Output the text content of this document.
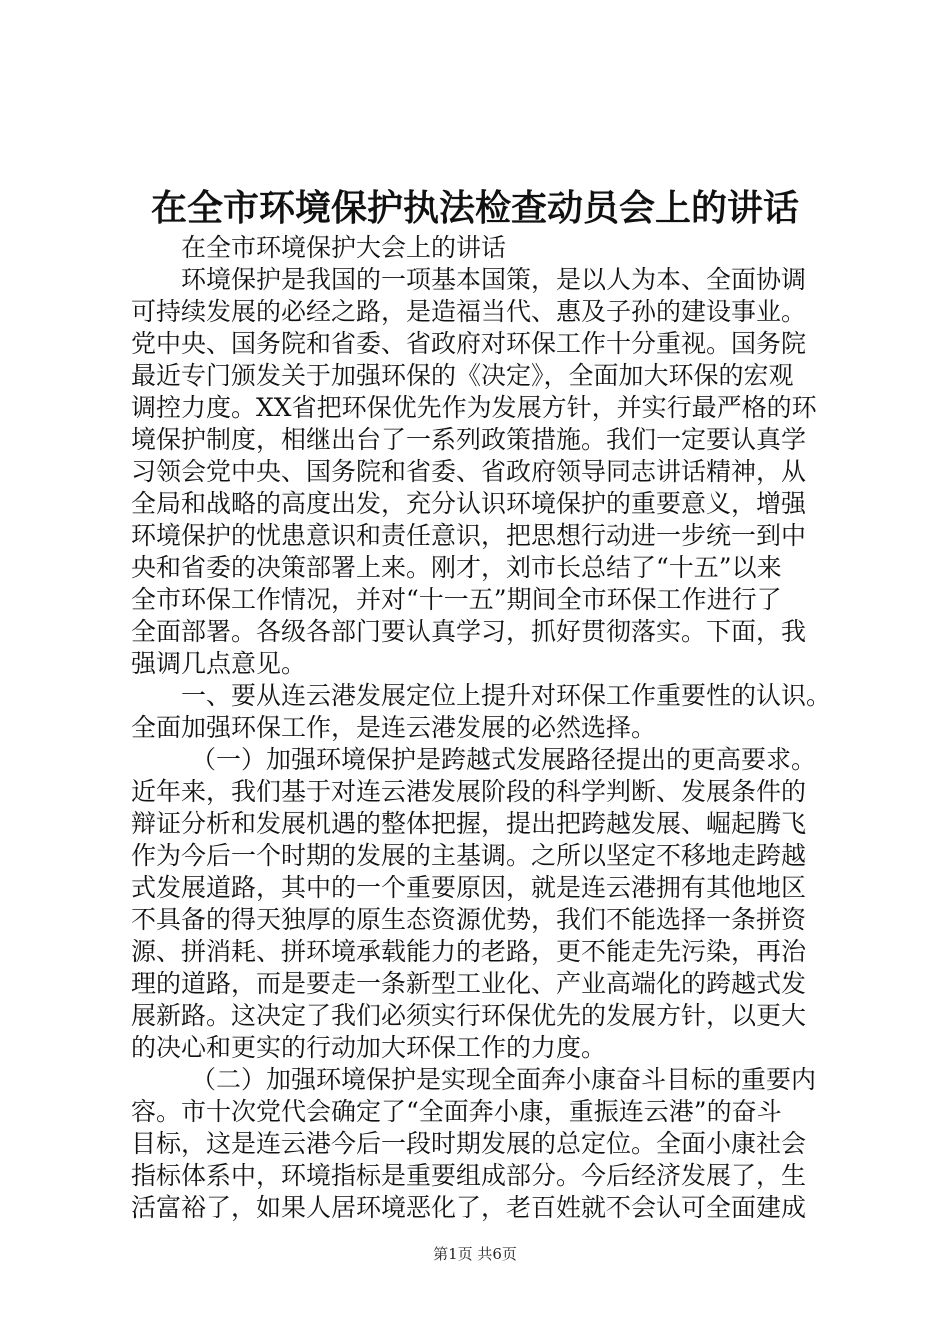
在全市环境保护执法检查动员会上的讲话
在全市环境保护大会上的讲话
环境保护是我国的一项基本国策，是以人为本、全面协调
可持续发展的必经之路，是造福当代、惠及子孙的建设事业。
党中央、国务院和省委、省政府对环保工作十分重视。国务院
最近专门颁发关于加强环保的《决定》，全面加大环保的宏观
调控力度。XX省把环保优先作为发展方针，并实行最严格的环
境保护制度，相继出台了一系列政策措施。我们一定要认真学
习领会党中央、国务院和省委、省政府领导同志讲话精神，从
全局和战略的高度出发，充分认识环境保护的重要意义，增强
环境保护的忧患意识和责任意识，把思想行动进一步统一到中
央和省委的决策部署上来。刚才，刘市长总结了“十五”以来
全市环保工作情况，并对“十一五”期间全市环保工作进行了
全面部署。各级各部门要认真学习，抓好贯彻落实。下面，我
强调几点意见。
一、要从连云港发展定位上提升对环保工作重要性的认识。
全面加强环保工作，是连云港发展的必然选择。
（一）加强环境保护是跨越式发展路径提出的更高要求。
近年来，我们基于对连云港发展阶段的科学判断、发展条件的
辩证分析和发展机遇的整体把握，提出把跨越发展、崛起腾飞
作为今后一个时期的发展的主基调。之所以坚定不移地走跨越
式发展道路，其中的一个重要原因，就是连云港拥有其他地区
不具备的得天独厚的原生态资源优势，我们不能选择一条拼资
源、拼消耗、拼环境承载能力的老路，更不能走先污染，再治
理的道路，而是要走一条新型工业化、产业高端化的跨越式发
展新路。这决定了我们必须实行环保优先的发展方针，以更大
的决心和更实的行动加大环保工作的力度。
（二）加强环境保护是实现全面奔小康奋斗目标的重要内
容。市十次党代会确定了“全面奔小康，重振连云港”的奋斗
目标，这是连云港今后一段时期发展的总定位。全面小康社会
指标体系中，环境指标是重要组成部分。今后经济发展了，生
活富裕了，如果人居环境恶化了，老百姓就不会认可全面建成
第1页 共6页
